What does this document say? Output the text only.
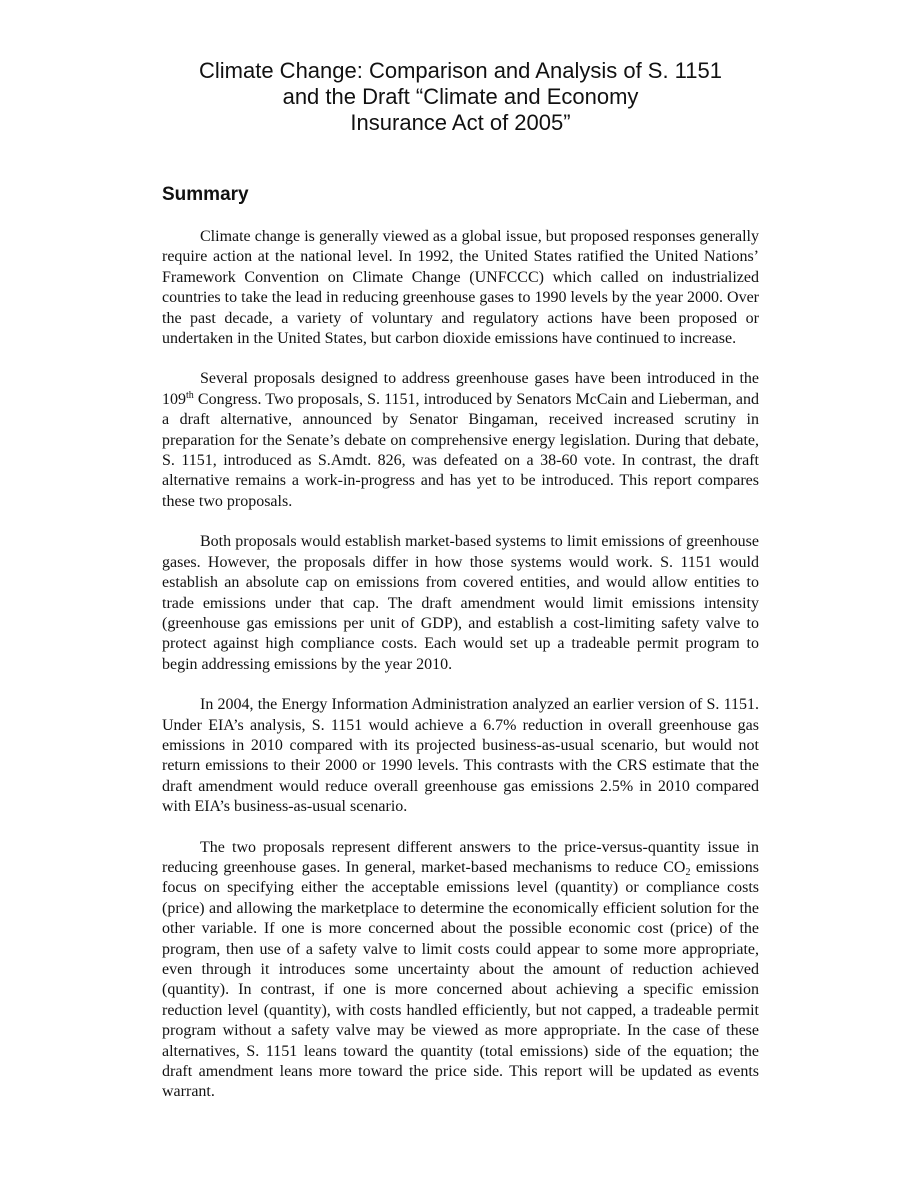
Climate Change: Comparison and Analysis of S. 1151
and the Draft “Climate and Economy
Insurance Act of 2005”
Summary

Climate change is generally viewed as a global issue, but proposed responses generally require action at the national level. In 1992, the United States ratified the United Nations’ Framework Convention on Climate Change (UNFCCC) which called on industrialized countries to take the lead in reducing greenhouse gases to 1990 levels by the year 2000. Over the past decade, a variety of voluntary and regulatory actions have been proposed or undertaken in the United States, but carbon dioxide emissions have continued to increase.

Several proposals designed to address greenhouse gases have been introduced in the 109th Congress. Two proposals, S. 1151, introduced by Senators McCain and Lieberman, and a draft alternative, announced by Senator Bingaman, received increased scrutiny in preparation for the Senate’s debate on comprehensive energy legislation. During that debate, S. 1151, introduced as S.Amdt. 826, was defeated on a 38-60 vote. In contrast, the draft alternative remains a work-in-progress and has yet to be introduced. This report compares these two proposals.

Both proposals would establish market-based systems to limit emissions of greenhouse gases. However, the proposals differ in how those systems would work. S. 1151 would establish an absolute cap on emissions from covered entities, and would allow entities to trade emissions under that cap. The draft amendment would limit emissions intensity (greenhouse gas emissions per unit of GDP), and establish a cost-limiting safety valve to protect against high compliance costs. Each would set up a tradeable permit program to begin addressing emissions by the year 2010.

In 2004, the Energy Information Administration analyzed an earlier version of S. 1151. Under EIA’s analysis, S. 1151 would achieve a 6.7% reduction in overall greenhouse gas emissions in 2010 compared with its projected business-as-usual scenario, but would not return emissions to their 2000 or 1990 levels. This contrasts with the CRS estimate that the draft amendment would reduce overall greenhouse gas emissions 2.5% in 2010 compared with EIA’s business-as-usual scenario.

The two proposals represent different answers to the price-versus-quantity issue in reducing greenhouse gases. In general, market-based mechanisms to reduce $CO_2$ emissions focus on specifying either the acceptable emissions level (quantity) or compliance costs (price) and allowing the marketplace to determine the economically efficient solution for the other variable. If one is more concerned about the possible economic cost (price) of the program, then use of a safety valve to limit costs could appear to some more appropriate, even through it introduces some uncertainty about the amount of reduction achieved (quantity). In contrast, if one is more concerned about achieving a specific emission reduction level (quantity), with costs handled efficiently, but not capped, a tradeable permit program without a safety valve may be viewed as more appropriate. In the case of these alternatives, S. 1151 leans toward the quantity (total emissions) side of the equation; the draft amendment leans more toward the price side. This report will be updated as events warrant.
